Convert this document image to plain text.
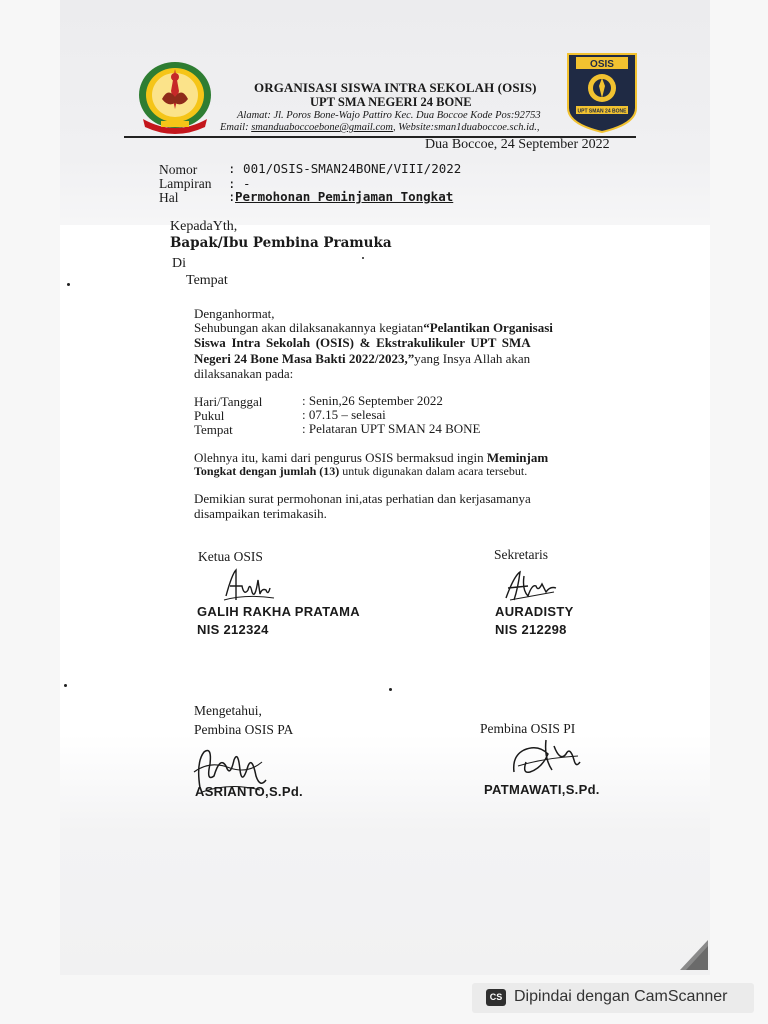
OSIS
UPT SMAN 24 BONE
ORGANISASI SISWA INTRA SEKOLAH (OSIS)
UPT SMA NEGERI 24 BONE
Alamat: Jl. Poros Bone-Wajo Pattiro Kec. Dua Boccoe Kode Pos:92753
Email: smanduaboccoebone@gmail.com, Website:sman1duaboccoe.sch.id.,
Dua Boccoe, 24 September 2022
Nomor : 001/OSIS-SMAN24BONE/VIII/2022
Lampiran : -
Hal	: Permohonan Peminjaman Tongkat
KepadaYth,
Bapak/Ibu Pembina Pramuka
Di
Tempat
Denganhormat,
Sehubungan akan dilaksanakannya kegiatan“Pelantikan Organisasi
Siswa Intra Sekolah (OSIS) & Ekstrakulikuler UPT SMA
Negeri 24 Bone Masa Bakti 2022/2023,”yang Insya Allah akan
dilaksanakan pada:
Hari/Tanggal	: Senin,26 September 2022
Pukul	: 07.15 – selesai
Tempat	: Pelataran UPT SMAN 24 BONE
Olehnya itu, kami dari pengurus OSIS bermaksud ingin Meminjam
Tongkat dengan jumlah (13) untuk digunakan dalam acara tersebut.
Demikian surat permohonan ini,atas perhatian dan kerjasamanya
disampaikan terimakasih.
Ketua OSIS
GALIH RAKHA PRATAMA
NIS 212324
Sekretaris
AURADISTY
NIS 212298
Mengetahui,
Pembina OSIS PA
ASRIANTO,S.Pd.
Pembina OSIS PI
PATMAWATI,S.Pd.
CS Dipindai dengan CamScanner
